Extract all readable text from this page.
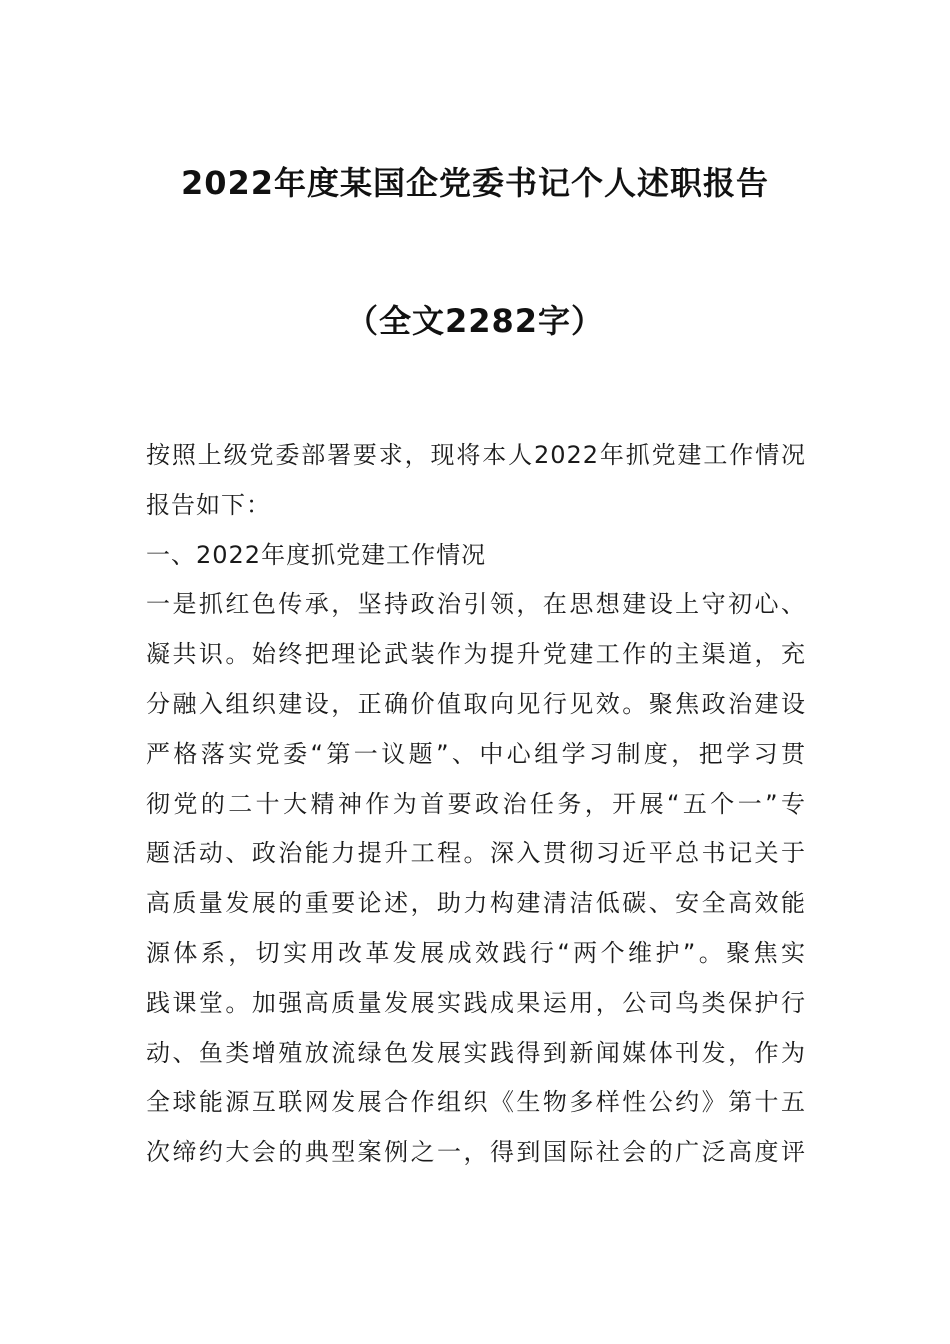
2022年度某国企党委书记个人述职报告
（全文2282字）
按照上级党委部署要求，现将本人2022年抓党建工作情况
报告如下：
一、2022年度抓党建工作情况
一是抓红色传承，坚持政治引领，在思想建设上守初心、
凝共识。始终把理论武装作为提升党建工作的主渠道，充
分融入组织建设，正确价值取向见行见效。聚焦政治建设
严格落实党委“第一议题”、中心组学习制度，把学习贯
彻党的二十大精神作为首要政治任务，开展“五个一”专
题活动、政治能力提升工程。深入贯彻习近平总书记关于
高质量发展的重要论述，助力构建清洁低碳、安全高效能
源体系，切实用改革发展成效践行“两个维护”。聚焦实
践课堂。加强高质量发展实践成果运用，公司鸟类保护行
动、鱼类增殖放流绿色发展实践得到新闻媒体刊发，作为
全球能源互联网发展合作组织《生物多样性公约》第十五
次缔约大会的典型案例之一，得到国际社会的广泛高度评
